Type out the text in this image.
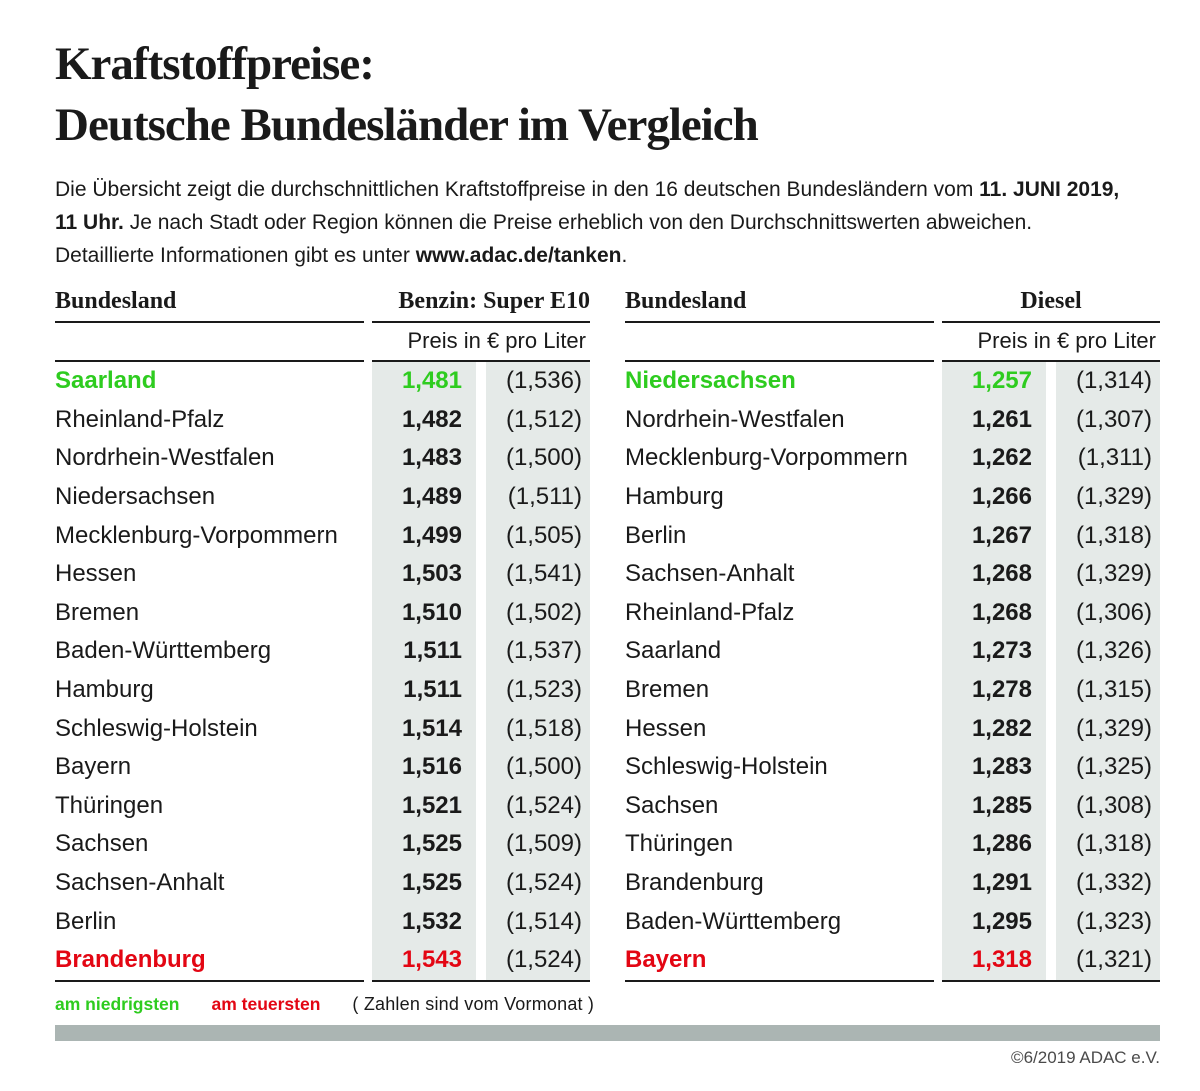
Kraftstoffpreise:
Deutsche Bundesländer im Vergleich

Die Übersicht zeigt die durchschnittlichen Kraftstoffpreise in den 16 deutschen Bundesländern vom 11. JUNI 2019,
11 Uhr. Je nach Stadt oder Region können die Preise erheblich von den Durchschnittswerten abweichen.
Detaillierte Informationen gibt es unter www.adac.de/tanken.

Bundesland	Benzin: Super E10
Preis in € pro Liter
Saarland	1,481 (1,536)
Rheinland-Pfalz	1,482 (1,512)
Nordrhein-Westfalen	1,483 (1,500)
Niedersachsen	1,489 (1,511)
Mecklenburg-Vorpommern	1,499 (1,505)
Hessen	1,503 (1,541)
Bremen	1,510 (1,502)
Baden-Württemberg	1,511 (1,537)
Hamburg	1,511 (1,523)
Schleswig-Holstein	1,514 (1,518)
Bayern	1,516 (1,500)
Thüringen	1,521 (1,524)
Sachsen	1,525 (1,509)
Sachsen-Anhalt	1,525 (1,524)
Berlin	1,532 (1,514)
Brandenburg	1,543 (1,524)
Bundesland	Diesel
Preis in € pro Liter
Niedersachsen	1,257 (1,314)
Nordrhein-Westfalen	1,261 (1,307)
Mecklenburg-Vorpommern	1,262 (1,311)
Hamburg	1,266 (1,329)
Berlin	1,267 (1,318)
Sachsen-Anhalt	1,268 (1,329)
Rheinland-Pfalz	1,268 (1,306)
Saarland	1,273 (1,326)
Bremen	1,278 (1,315)
Hessen	1,282 (1,329)
Schleswig-Holstein	1,283 (1,325)
Sachsen	1,285 (1,308)
Thüringen	1,286 (1,318)
Brandenburg	1,291 (1,332)
Baden-Württemberg	1,295 (1,323)
Bayern	1,318 (1,321)
am niedrigsten am teuersten ( Zahlen sind vom Vormonat )
©6/2019 ADAC e.V.
